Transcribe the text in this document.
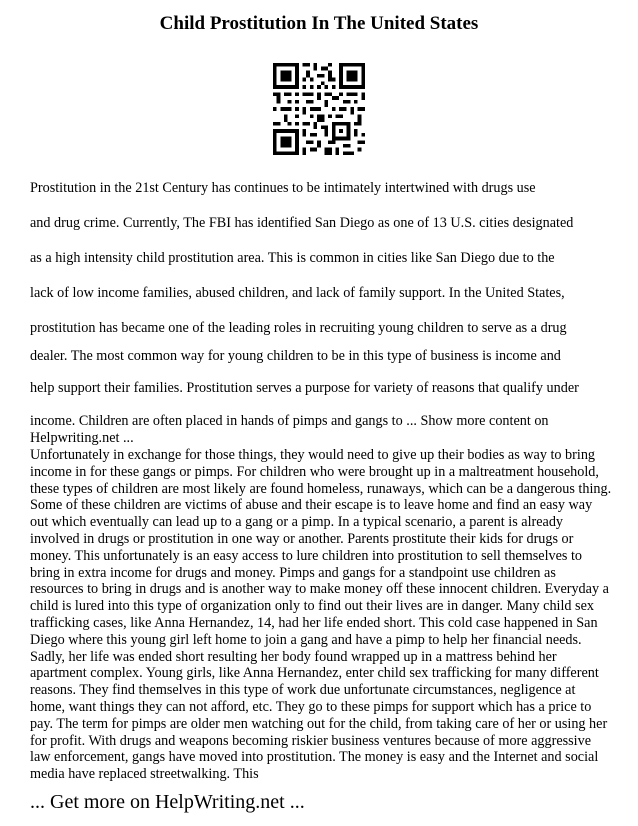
Child Prostitution In The United States

Prostitution in the 21st Century has continues to be intimately intertwined with drugs use

and drug crime. Currently, The FBI has identified San Diego as one of 13 U.S. cities designated

as a high intensity child prostitution area. This is common in cities like San Diego due to the

lack of low income families, abused children, and lack of family support. In the United States,

prostitution has became one of the leading roles in recruiting young children to serve as a drug

dealer. The most common way for young children to be in this type of business is income and

help support their families. Prostitution serves a purpose for variety of reasons that qualify under

income. Children are often placed in hands of pimps and gangs to ... Show more content on

Helpwriting.net ...

Unfortunately in exchange for those things, they would need to give up their bodies as way to bring income in for these gangs or pimps. For children who were brought up in a maltreatment household, these types of children are most likely are found homeless, runaways, which can be a dangerous thing. Some of these children are victims of abuse and their escape is to leave home and find an easy way out which eventually can lead up to a gang or a pimp. In a typical scenario, a parent is already involved in drugs or prostitution in one way or another. Parents prostitute their kids for drugs or money. This unfortunately is an easy access to lure children into prostitution to sell themselves to bring in extra income for drugs and money. Pimps and gangs for a standpoint use children as resources to bring in drugs and is another way to make money off these innocent children. Everyday a child is lured into this type of organization only to find out their lives are in danger. Many child sex trafficking cases, like Anna Hernandez, 14, had her life ended short. This cold case happened in San Diego where this young girl left home to join a gang and have a pimp to help her financial needs. Sadly, her life was ended short resulting her body found wrapped up in a mattress behind her apartment complex. Young girls, like Anna Hernandez, enter child sex trafficking for many different reasons. They find themselves in this type of work due unfortunate circumstances, negligence at home, want things they can not afford, etc. They go to these pimps for support which has a price to pay. The term for pimps are older men watching out for the child, from taking care of her or using her for profit. With drugs and weapons becoming riskier business ventures because of more aggressive law enforcement, gangs have moved into prostitution. The money is easy and the Internet and social media have replaced streetwalking. This

... Get more on HelpWriting.net ...
